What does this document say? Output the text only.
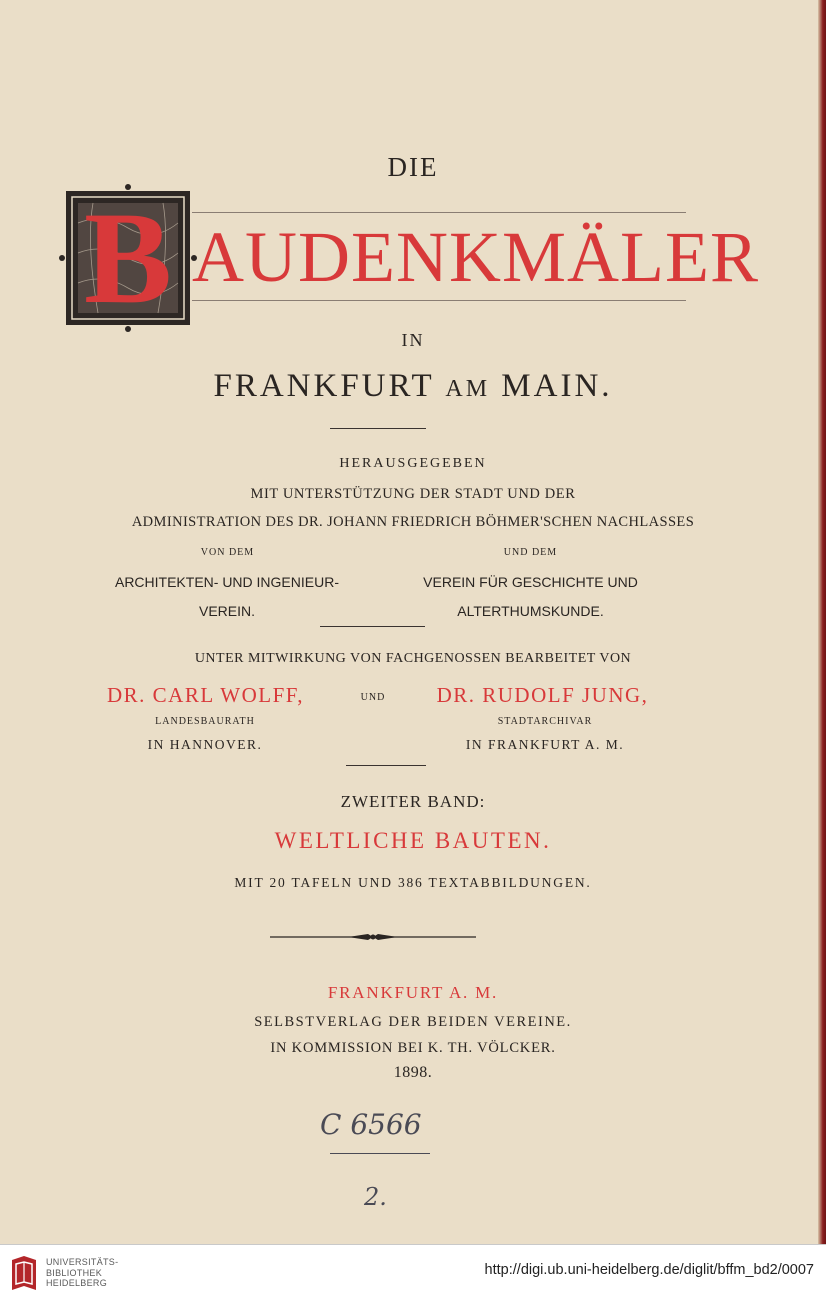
DIE
B AUDENKMÄLER
IN
FRANKFURT AM MAIN.
HERAUSGEGEBEN
MIT UNTERSTÜTZUNG DER STADT UND DER
ADMINISTRATION DES DR. JOHANN FRIEDRICH BÖHMER'SCHEN NACHLASSES
VON DEM
ARCHITEKTEN- UND INGENIEUR-
VEREIN.
UND DEM
VEREIN FÜR GESCHICHTE UND
ALTERTHUMSKUNDE.
UNTER MITWIRKUNG VON FACHGENOSSEN BEARBEITET VON
DR. CARL WOLFF,	UND	DR. RUDOLF JUNG,
LANDESBAURATH
IN HANNOVER.
STADTARCHIVAR
IN FRANKFURT A. M.
ZWEITER BAND:
WELTLICHE BAUTEN.
MIT 20 TAFELN UND 386 TEXTABBILDUNGEN.
FRANKFURT A. M.
SELBSTVERLAG DER BEIDEN VEREINE.
IN KOMMISSION BEI K. TH. VÖLCKER.
1898.
C 6566
2.
UNIVERSITÄTS-
BIBLIOTHEK
HEIDELBERG
http://digi.ub.uni-heidelberg.de/diglit/bffm_bd2/0007
